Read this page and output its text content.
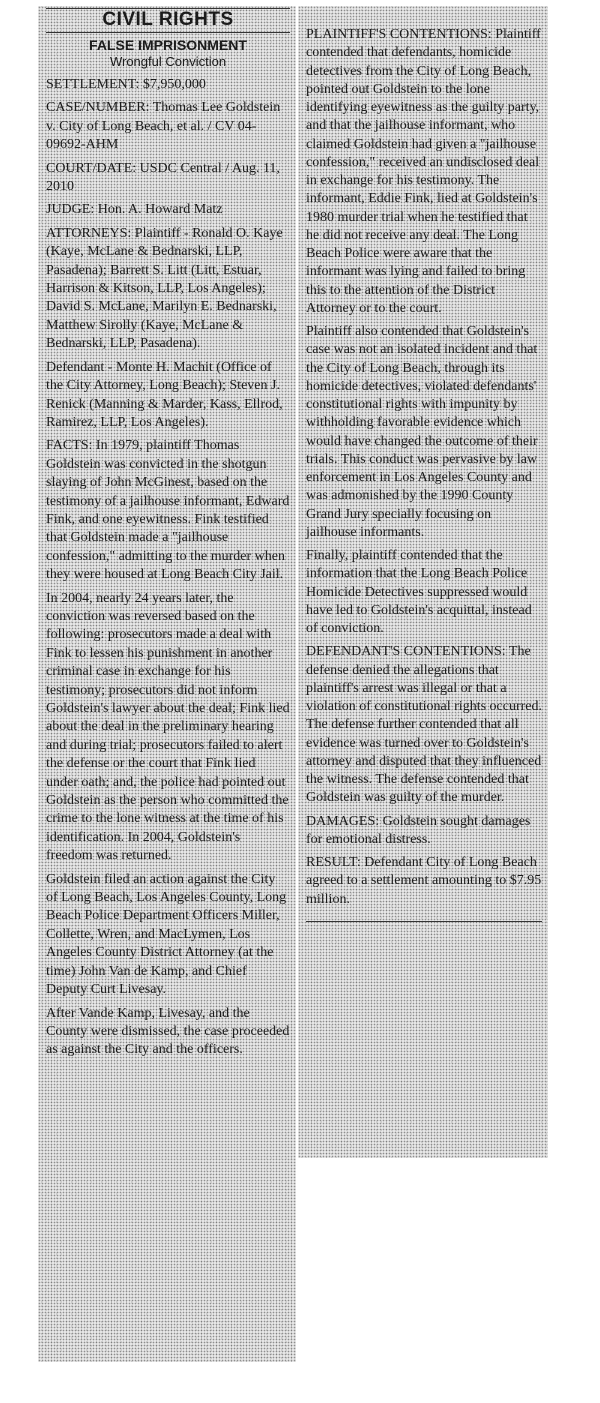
CIVIL RIGHTS
FALSE IMPRISONMENT
Wrongful Conviction

SETTLEMENT: $7,950,000

CASE/NUMBER: Thomas Lee Goldstein v. City of Long Beach, et al. / CV 04-09692-AHM

COURT/DATE: USDC Central / Aug. 11, 2010

JUDGE: Hon. A. Howard Matz

ATTORNEYS: Plaintiff - Ronald O. Kaye (Kaye, McLane & Bednarski, LLP, Pasadena); Barrett S. Litt (Litt, Estuar, Harrison & Kitson, LLP, Los Angeles); David S. McLane, Marilyn E. Bednarski, Matthew Sirolly (Kaye, McLane & Bednarski, LLP, Pasadena).

Defendant - Monte H. Machit (Office of the City Attorney, Long Beach); Steven J. Renick (Manning & Marder, Kass, Ellrod, Ramirez, LLP, Los Angeles).

FACTS: In 1979, plaintiff Thomas Goldstein was convicted in the shotgun slaying of John McGinest, based on the testimony of a jailhouse informant, Edward Fink, and one eyewitness. Fink testified that Goldstein made a "jailhouse confession," admitting to the murder when they were housed at Long Beach City Jail.

In 2004, nearly 24 years later, the conviction was reversed based on the following: prosecutors made a deal with Fink to lessen his punishment in another criminal case in exchange for his testimony; prosecutors did not inform Goldstein's lawyer about the deal; Fink lied about the deal in the preliminary hearing and during trial; prosecutors failed to alert the defense or the court that Fink lied under oath; and, the police had pointed out Goldstein as the person who committed the crime to the lone witness at the time of his identification. In 2004, Goldstein's freedom was returned.

Goldstein filed an action against the City of Long Beach, Los Angeles County, Long Beach Police Department Officers Miller, Collette, Wren, and MacLymen, Los Angeles County District Attorney (at the time) John Van de Kamp, and Chief Deputy Curt Livesay.

After Vande Kamp, Livesay, and the County were dismissed, the case proceeded as against the City and the officers.

PLAINTIFF'S CONTENTIONS: Plaintiff contended that defendants, homicide detectives from the City of Long Beach, pointed out Goldstein to the lone identifying eyewitness as the guilty party, and that the jailhouse informant, who claimed Goldstein had given a "jailhouse confession," received an undisclosed deal in exchange for his testimony. The informant, Eddie Fink, lied at Goldstein's 1980 murder trial when he testified that he did not receive any deal. The Long Beach Police were aware that the informant was lying and failed to bring this to the attention of the District Attorney or to the court.

Plaintiff also contended that Goldstein's case was not an isolated incident and that the City of Long Beach, through its homicide detectives, violated defendants' constitutional rights with impunity by withholding favorable evidence which would have changed the outcome of their trials. This conduct was pervasive by law enforcement in Los Angeles County and was admonished by the 1990 County Grand Jury specially focusing on jailhouse informants.

Finally, plaintiff contended that the information that the Long Beach Police Homicide Detectives suppressed would have led to Goldstein's acquittal, instead of conviction.

DEFENDANT'S CONTENTIONS: The defense denied the allegations that plaintiff's arrest was illegal or that a violation of constitutional rights occurred. The defense further contended that all evidence was turned over to Goldstein's attorney and disputed that they influenced the witness. The defense contended that Goldstein was guilty of the murder.

DAMAGES: Goldstein sought damages for emotional distress.

RESULT: Defendant City of Long Beach agreed to a settlement amounting to $7.95 million.
